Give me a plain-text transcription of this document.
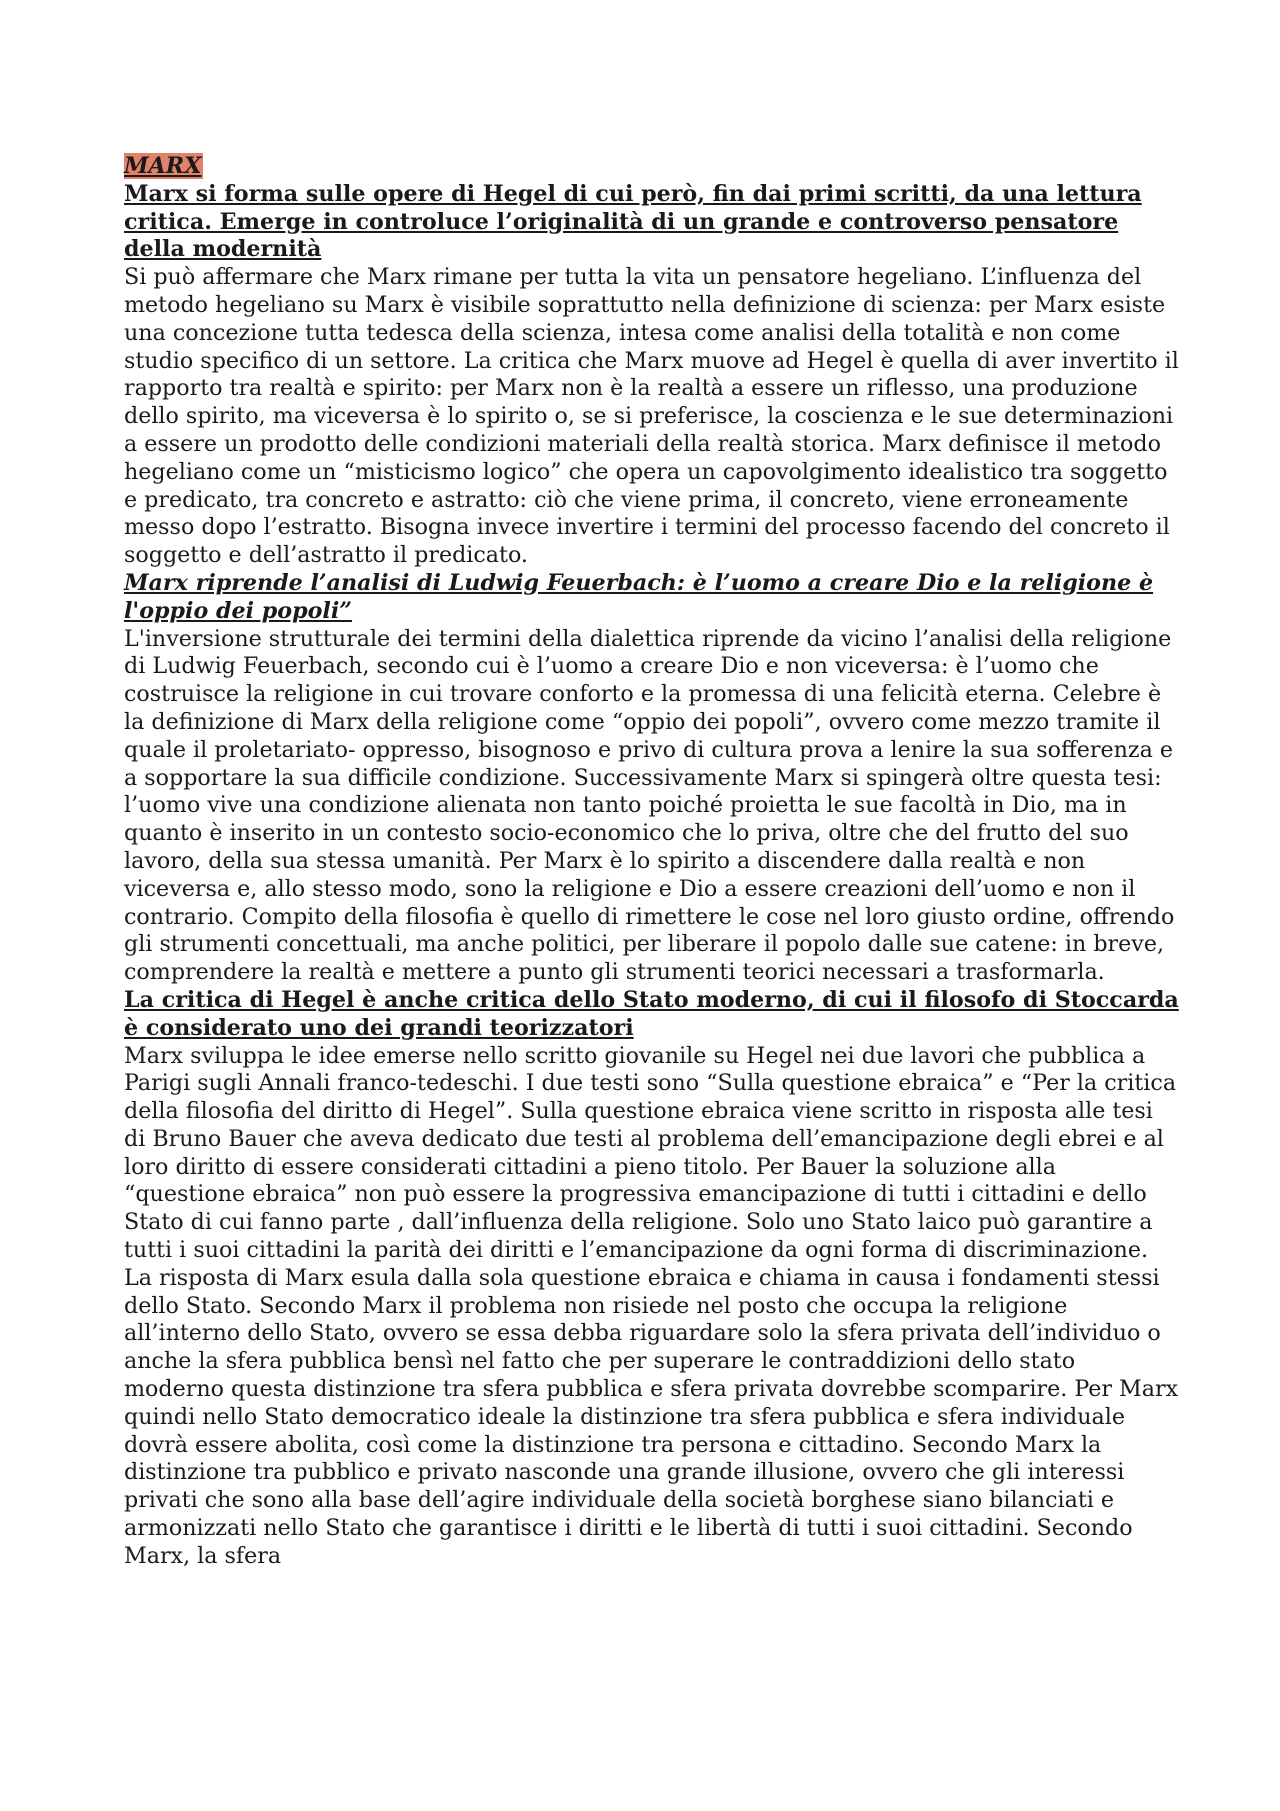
MARX
Marx si forma sulle opere di Hegel di cui però, fin dai primi scritti, da una lettura critica. Emerge in controluce l’originalità di un grande e controverso pensatore della modernità

Si può affermare che Marx rimane per tutta la vita un pensatore hegeliano. L’influenza del metodo hegeliano su Marx è visibile soprattutto nella definizione di scienza: per Marx esiste una concezione tutta tedesca della scienza, intesa come analisi della totalità e non come studio specifico di un settore. La critica che Marx muove ad Hegel è quella di aver invertito il rapporto tra realtà e spirito: per Marx non è la realtà a essere un riflesso, una produzione dello spirito, ma viceversa è lo spirito o, se si preferisce, la coscienza e le sue determinazioni a essere un prodotto delle condizioni materiali della realtà storica. Marx definisce il metodo hegeliano come un “misticismo logico” che opera un capovolgimento idealistico tra soggetto e predicato, tra concreto e astratto: ciò che viene prima, il concreto, viene erroneamente messo dopo l’estratto. Bisogna invece invertire i termini del processo facendo del concreto il soggetto e dell’astratto il predicato.

Marx riprende l’analisi di Ludwig Feuerbach: è l’uomo a creare Dio e la religione è l'oppio dei popoli”

L'inversione strutturale dei termini della dialettica riprende da vicino l’analisi della religione di Ludwig Feuerbach, secondo cui è l’uomo a creare Dio e non viceversa: è l’uomo che costruisce la religione in cui trovare conforto e la promessa di una felicità eterna. Celebre è la definizione di Marx della religione come “oppio dei popoli”, ovvero come mezzo tramite il quale il proletariato- oppresso, bisognoso e privo di cultura prova a lenire la sua sofferenza e a sopportare la sua difficile condizione. Successivamente Marx si spingerà oltre questa tesi: l’uomo vive una condizione alienata non tanto poiché proietta le sue facoltà in Dio, ma in quanto è inserito in un contesto socio-economico che lo priva, oltre che del frutto del suo lavoro, della sua stessa umanità. Per Marx è lo spirito a discendere dalla realtà e non viceversa e, allo stesso modo, sono la religione e Dio a essere creazioni dell’uomo e non il contrario. Compito della filosofia è quello di rimettere le cose nel loro giusto ordine, offrendo gli strumenti concettuali, ma anche politici, per liberare il popolo dalle sue catene: in breve, comprendere la realtà e mettere a punto gli strumenti teorici necessari a trasformarla.

La critica di Hegel è anche critica dello Stato moderno, di cui il filosofo di Stoccarda è considerato uno dei grandi teorizzatori

Marx sviluppa le idee emerse nello scritto giovanile su Hegel nei due lavori che pubblica a Parigi sugli Annali franco-tedeschi. I due testi sono “Sulla questione ebraica” e “Per la critica della filosofia del diritto di Hegel”. Sulla questione ebraica viene scritto in risposta alle tesi di Bruno Bauer che aveva dedicato due testi al problema dell’emancipazione degli ebrei e al loro diritto di essere considerati cittadini a pieno titolo. Per Bauer la soluzione alla “questione ebraica” non può essere la progressiva emancipazione di tutti i cittadini e dello Stato di cui fanno parte , dall’influenza della religione. Solo uno Stato laico può garantire a tutti i suoi cittadini la parità dei diritti e l’emancipazione da ogni forma di discriminazione. La risposta di Marx esula dalla sola questione ebraica e chiama in causa i fondamenti stessi dello Stato. Secondo Marx il problema non risiede nel posto che occupa la religione all’interno dello Stato, ovvero se essa debba riguardare solo la sfera privata dell’individuo o anche la sfera pubblica bensì nel fatto che per superare le contraddizioni dello stato moderno questa distinzione tra sfera pubblica e sfera privata dovrebbe scomparire. Per Marx quindi nello Stato democratico ideale la distinzione tra sfera pubblica e sfera individuale dovrà essere abolita, così come la distinzione tra persona e cittadino. Secondo Marx la distinzione tra pubblico e privato nasconde una grande illusione, ovvero che gli interessi privati che sono alla base dell’agire individuale della società borghese siano bilanciati e armonizzati nello Stato che garantisce i diritti e le libertà di tutti i suoi cittadini. Secondo Marx, la sfera
